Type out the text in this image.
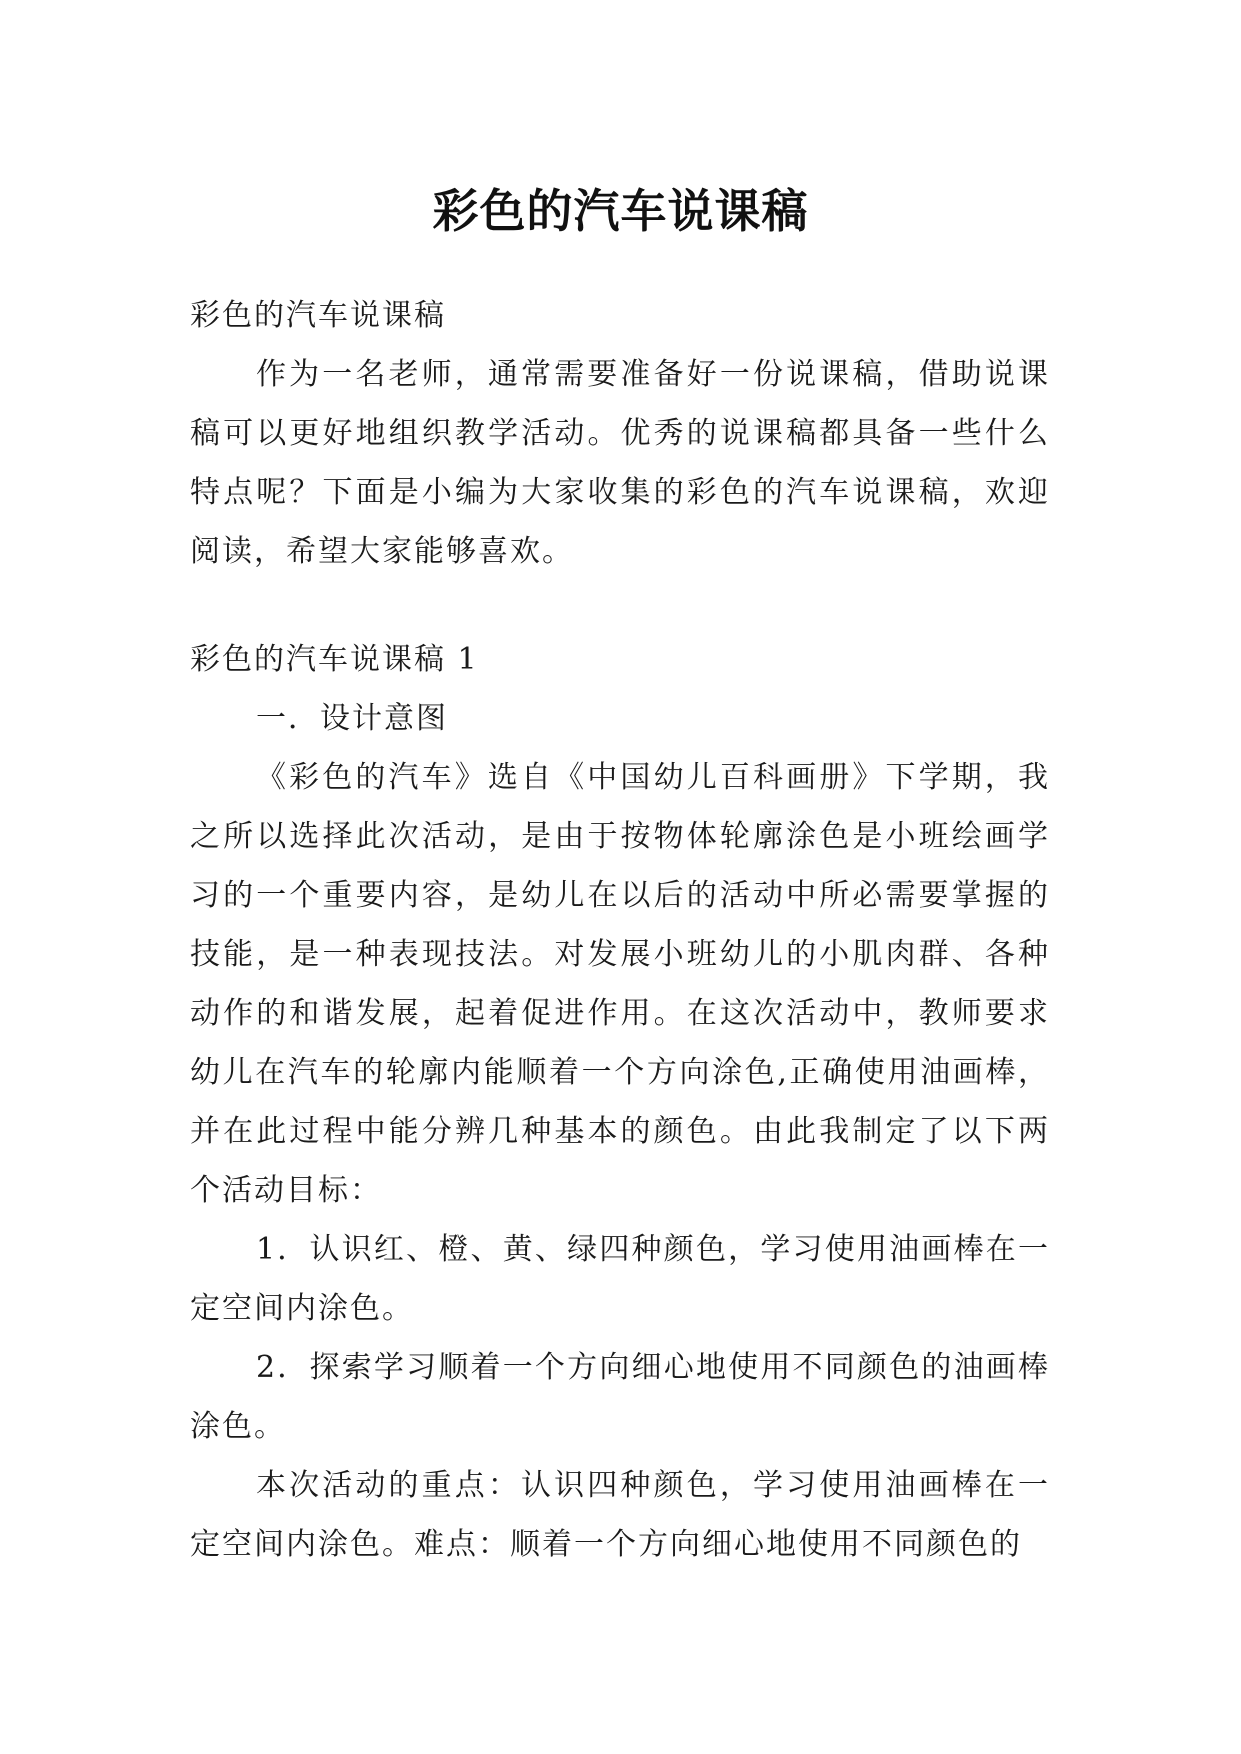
彩色的汽车说课稿

彩色的汽车说课稿

作为一名老师，通常需要准备好一份说课稿，借助说课稿可以更好地组织教学活动。优秀的说课稿都具备一些什么特点呢？下面是小编为大家收集的彩色的汽车说课稿，欢迎阅读，希望大家能够喜欢。

彩色的汽车说课稿 1

一．设计意图

《彩色的汽车》选自《中国幼儿百科画册》下学期，我之所以选择此次活动，是由于按物体轮廓涂色是小班绘画学习的一个重要内容，是幼儿在以后的活动中所必需要掌握的技能，是一种表现技法。对发展小班幼儿的小肌肉群、各种动作的和谐发展，起着促进作用。在这次活动中，教师要求幼儿在汽车的轮廓内能顺着一个方向涂色,正确使用油画棒，并在此过程中能分辨几种基本的颜色。由此我制定了以下两个活动目标：

1．认识红、橙、黄、绿四种颜色，学习使用油画棒在一定空间内涂色。

2．探索学习顺着一个方向细心地使用不同颜色的油画棒涂色。

本次活动的重点：认识四种颜色，学习使用油画棒在一定空间内涂色。难点：顺着一个方向细心地使用不同颜色的
